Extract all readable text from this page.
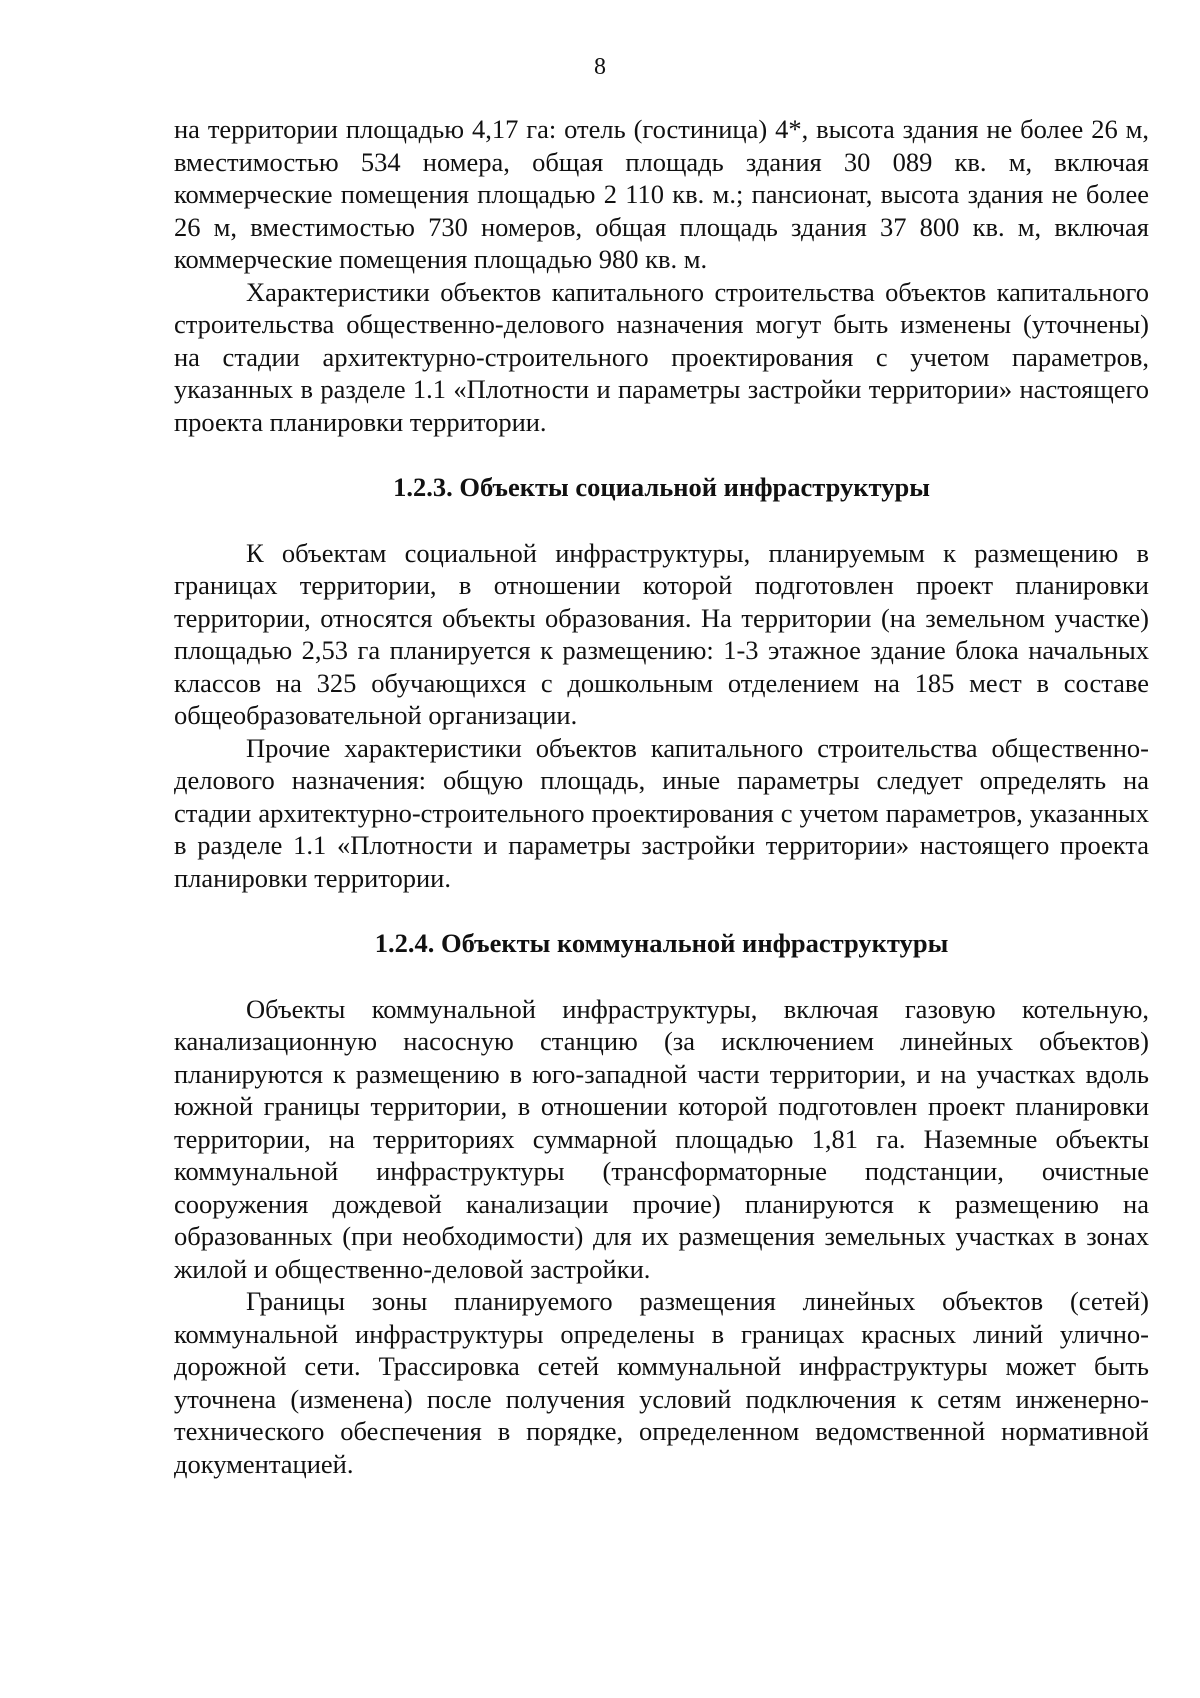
8

на территории площадью 4,17 га: отель (гостиница) 4*, высота здания не более 26 м, вместимостью 534 номера, общая площадь здания 30 089 кв. м, включая коммерческие помещения площадью 2 110 кв. м.; пансионат, высота здания не более 26 м, вместимостью 730 номеров, общая площадь здания 37 800 кв. м, включая коммерческие помещения площадью 980 кв. м.

Характеристики объектов капитального строительства объектов капитального строительства общественно-делового назначения могут быть изменены (уточнены) на стадии архитектурно-строительного проектирования с учетом параметров, указанных в разделе 1.1 «Плотности и параметры застройки территории» настоящего проекта планировки территории.

1.2.3. Объекты социальной инфраструктуры

К объектам социальной инфраструктуры, планируемым к размещению в границах территории, в отношении которой подготовлен проект планировки территории, относятся объекты образования. На территории (на земельном участке) площадью 2,53 га планируется к размещению: 1-3 этажное здание блока начальных классов на 325 обучающихся с дошкольным отделением на 185 мест в составе общеобразовательной организации.

Прочие характеристики объектов капитального строительства общественно-делового назначения: общую площадь, иные параметры следует определять на стадии архитектурно-строительного проектирования с учетом параметров, указанных в разделе 1.1 «Плотности и параметры застройки территории» настоящего проекта планировки территории.

1.2.4. Объекты коммунальной инфраструктуры

Объекты коммунальной инфраструктуры, включая газовую котельную, канализационную насосную станцию (за исключением линейных объектов) планируются к размещению в юго-западной части территории, и на участках вдоль южной границы территории, в отношении которой подготовлен проект планировки территории, на территориях суммарной площадью 1,81 га. Наземные объекты коммунальной инфраструктуры (трансформаторные подстанции, очистные сооружения дождевой канализации прочие) планируются к размещению на образованных (при необходимости) для их размещения земельных участках в зонах жилой и общественно-деловой застройки.

Границы зоны планируемого размещения линейных объектов (сетей) коммунальной инфраструктуры определены в границах красных линий улично-дорожной сети. Трассировка сетей коммунальной инфраструктуры может быть уточнена (изменена) после получения условий подключения к сетям инженерно-технического обеспечения в порядке, определенном ведомственной нормативной документацией.
